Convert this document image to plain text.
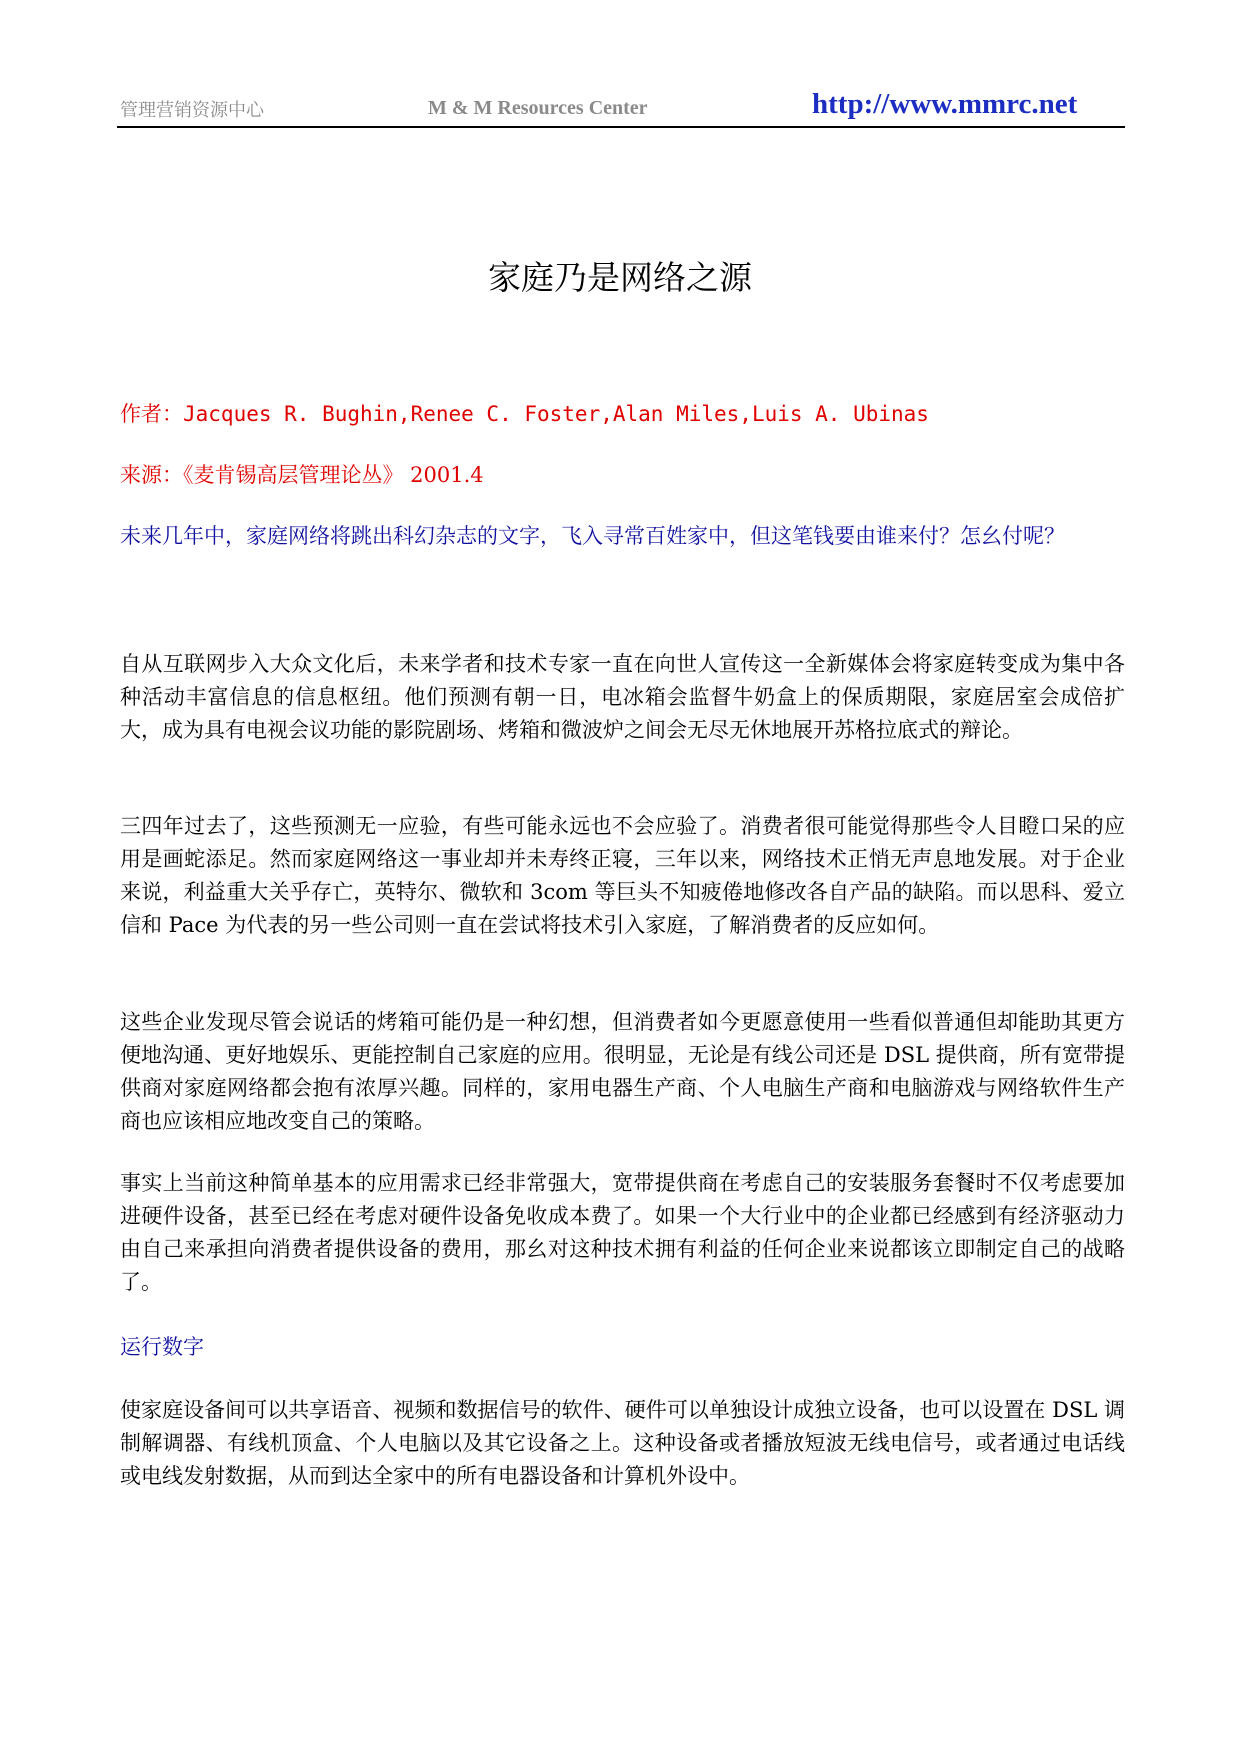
管理营销资源中心	M & M Resources Center	http://www.mmrc.net
家庭乃是网络之源
作者：Jacques R. Bughin,Renee C. Foster,Alan Miles,Luis A. Ubinas
来源：《麦肯锡高层管理论丛》 2001.4
未来几年中，家庭网络将跳出科幻杂志的文字，飞入寻常百姓家中，但这笔钱要由谁来付？怎幺付呢？

自从互联网步入大众文化后，未来学者和技术专家一直在向世人宣传这一全新媒体会将家庭转变成为集中各种活动丰富信息的信息枢纽。他们预测有朝一日，电冰箱会监督牛奶盒上的保质期限，家庭居室会成倍扩大，成为具有电视会议功能的影院剧场、烤箱和微波炉之间会无尽无休地展开苏格拉底式的辩论。

三四年过去了，这些预测无一应验，有些可能永远也不会应验了。消费者很可能觉得那些令人目瞪口呆的应用是画蛇添足。然而家庭网络这一事业却并未寿终正寝，三年以来，网络技术正悄无声息地发展。对于企业来说，利益重大关乎存亡，英特尔、微软和 3com 等巨头不知疲倦地修改各自产品的缺陷。而以思科、爱立信和 Pace 为代表的另一些公司则一直在尝试将技术引入家庭，了解消费者的反应如何。

这些企业发现尽管会说话的烤箱可能仍是一种幻想，但消费者如今更愿意使用一些看似普通但却能助其更方便地沟通、更好地娱乐、更能控制自己家庭的应用。很明显，无论是有线公司还是 DSL 提供商，所有宽带提供商对家庭网络都会抱有浓厚兴趣。同样的，家用电器生产商、个人电脑生产商和电脑游戏与网络软件生产商也应该相应地改变自己的策略。

事实上当前这种简单基本的应用需求已经非常强大，宽带提供商在考虑自己的安装服务套餐时不仅考虑要加进硬件设备，甚至已经在考虑对硬件设备免收成本费了。如果一个大行业中的企业都已经感到有经济驱动力由自己来承担向消费者提供设备的费用，那幺对这种技术拥有利益的任何企业来说都该立即制定自己的战略了。

运行数字

使家庭设备间可以共享语音、视频和数据信号的软件、硬件可以单独设计成独立设备，也可以设置在 DSL 调制解调器、有线机顶盒、个人电脑以及其它设备之上。这种设备或者播放短波无线电信号，或者通过电话线或电线发射数据，从而到达全家中的所有电器设备和计算机外设中。
